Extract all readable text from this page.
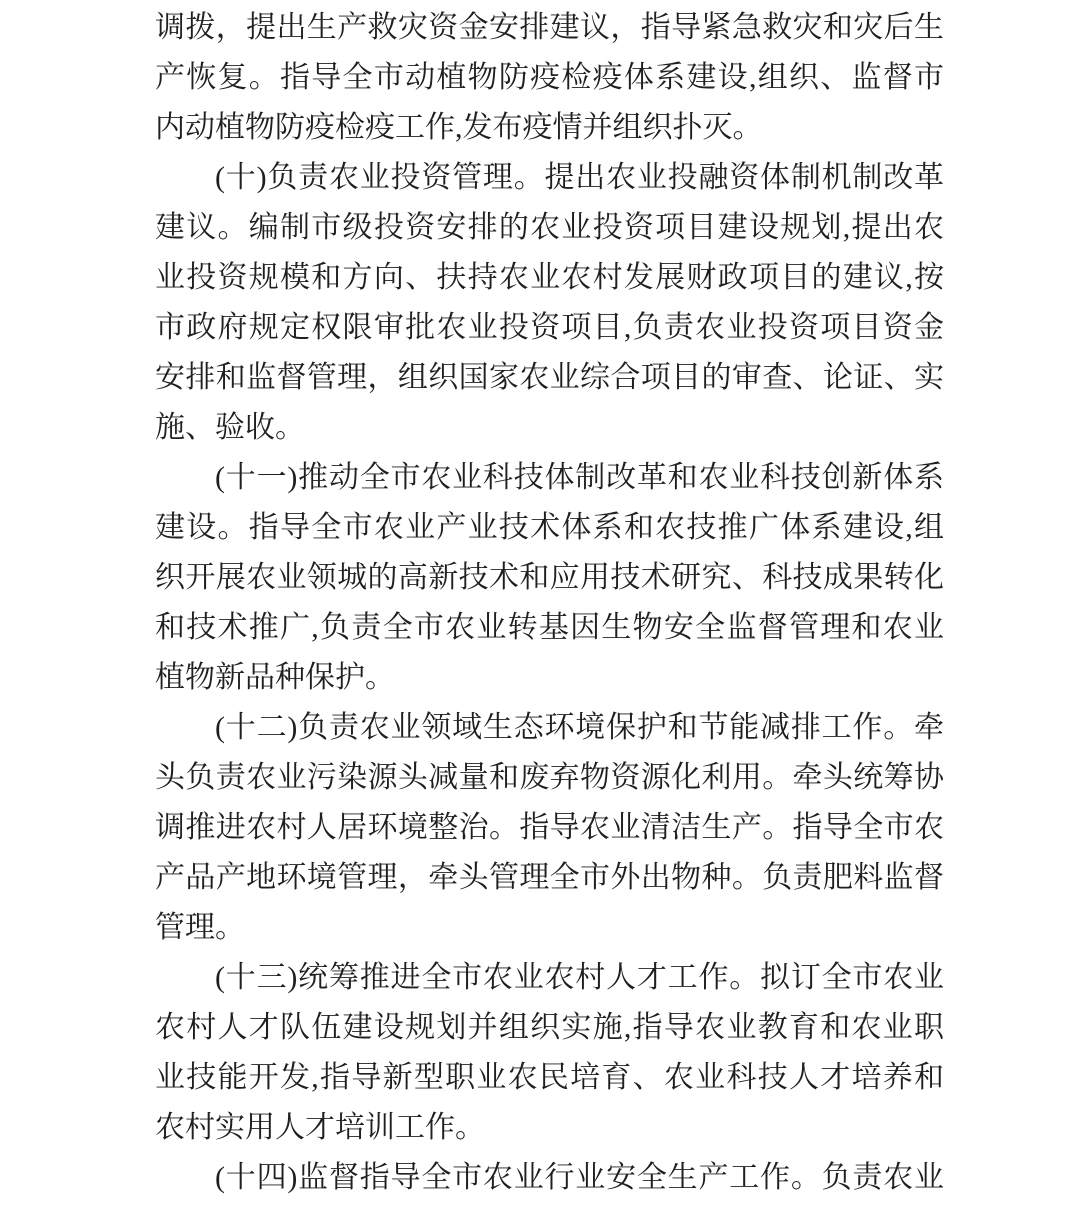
调拨，提出生产救灾资金安排建议，指导紧急救灾和灾后生
产恢复。指导全市动植物防疫检疫体系建设,组织、监督市
内动植物防疫检疫工作,发布疫情并组织扑灭。
(十)负责农业投资管理。提出农业投融资体制机制改革
建议。编制市级投资安排的农业投资项目建设规划,提出农
业投资规模和方向、扶持农业农村发展财政项目的建议,按
市政府规定权限审批农业投资项目,负责农业投资项目资金
安排和监督管理，组织国家农业综合项目的审查、论证、实
施、验收。
(十一)推动全市农业科技体制改革和农业科技创新体系
建设。指导全市农业产业技术体系和农技推广体系建设,组
织开展农业领城的高新技术和应用技术研究、科技成果转化
和技术推广,负责全市农业转基因生物安全监督管理和农业
植物新品种保护。
(十二)负责农业领域生态环境保护和节能减排工作。牵
头负责农业污染源头减量和废弃物资源化利用。牵头统筹协
调推进农村人居环境整治。指导农业清洁生产。指导全市农
产品产地环境管理，牵头管理全市外出物种。负责肥料监督
管理。
(十三)统筹推进全市农业农村人才工作。拟订全市农业
农村人才队伍建设规划并组织实施,指导农业教育和农业职
业技能开发,指导新型职业农民培育、农业科技人才培养和
农村实用人才培训工作。
(十四)监督指导全市农业行业安全生产工作。负责农业
